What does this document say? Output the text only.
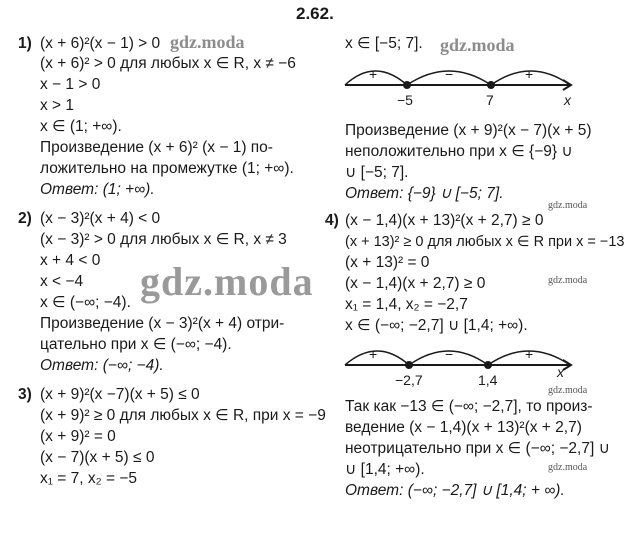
2.62.
1) (x + 6)²(x − 1) > 0
(x + 6)² > 0 для любых x ∈ R, x ≠ −6
x − 1 > 0
x > 1
x ∈ (1; +∞).
Произведение (x + 6)² (x − 1) по-
ложительно на промежутке (1; +∞).
Ответ: (1; +∞).
2) (x − 3)²(x + 4) < 0
(x − 3)² > 0 для любых x ∈ R, x ≠ 3
x + 4 < 0
x < −4
x ∈ (−∞; −4).
Произведение (x − 3)²(x + 4) отри-
цательно при x ∈ (−∞; −4).
Ответ: (−∞; −4).
3) (x + 9)²(x −7)(x + 5) ≤ 0
(x + 9)² ≥ 0 для любых x ∈ R, при x = −9
(x + 9)² = 0
(x − 7)(x + 5) ≤ 0
x₁ = 7, x₂ = −5
x ∈ [−5; 7].
+	−	+
−5	7	x
Произведение (x + 9)²(x − 7)(x + 5)
неположительно при x ∈ {−9} ∪
∪ [−5; 7].
Ответ: {−9} ∪ [−5; 7].
4) (x − 1,4)(x + 13)²(x + 2,7) ≥ 0
(x + 13)² ≥ 0 для любых x ∈ R при x = −13
(x + 13)² = 0
(x − 1,4)(x + 2,7) ≥ 0
x₁ = 1,4, x₂ = −2,7
x ∈ (−∞; −2,7] ∪ [1,4; +∞).
+	−	+
−2,7	1,4	x
Так как −13 ∈ (−∞; −2,7], то произ-
ведение (x − 1,4)(x + 13)²(x + 2,7)
неотрицательно при x ∈ (−∞; −2,7] ∪
∪ [1,4; +∞).
Ответ: (−∞; −2,7] ∪ [1,4; + ∞).
gdz.moda	gdz.moda
gdz.moda
gdz.moda
gdz.moda
gdz.moda
gdz.moda
